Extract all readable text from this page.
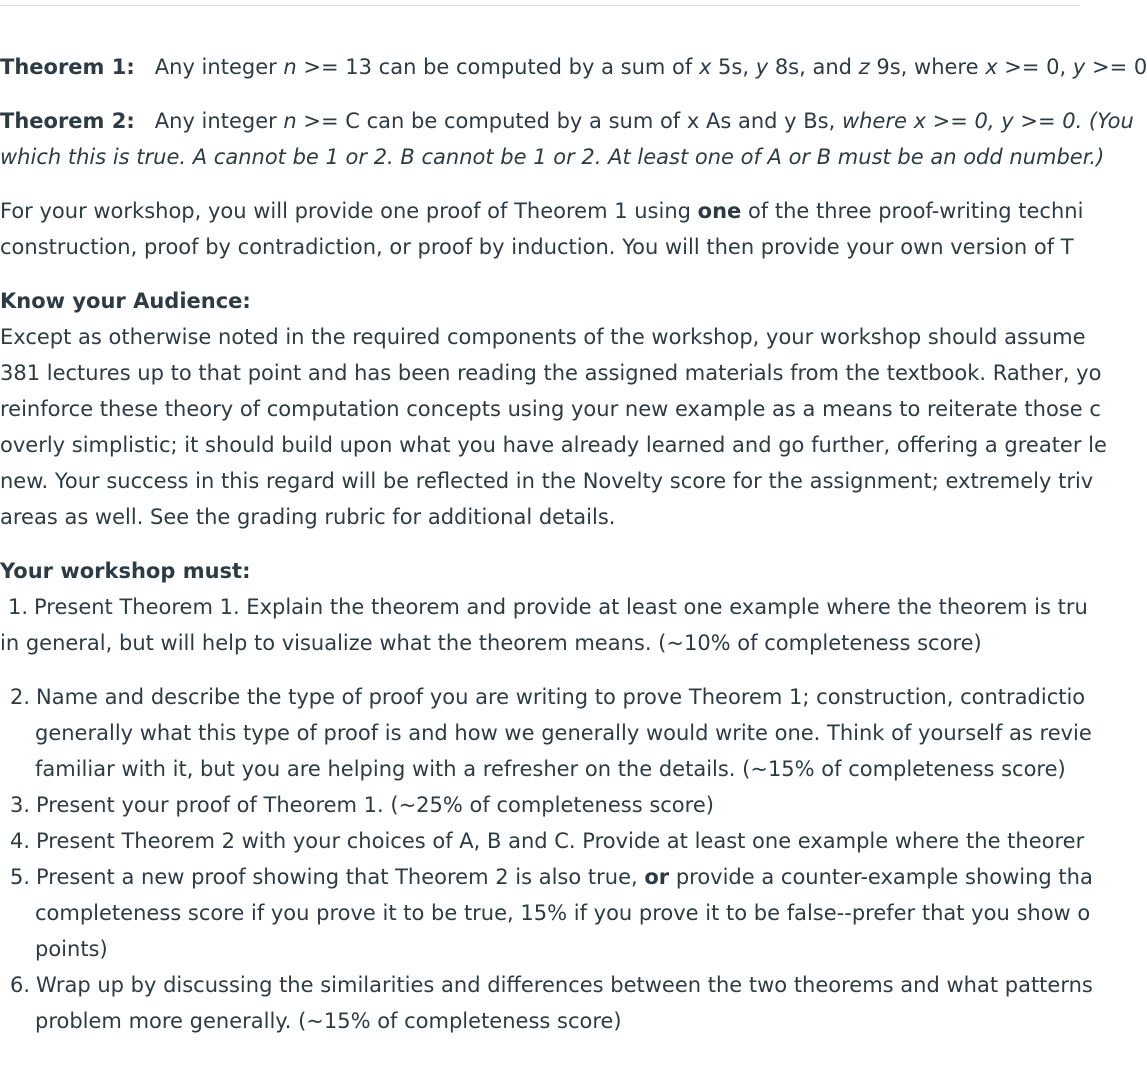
Theorem 1: Any integer n >= 13 can be computed by a sum of x 5s, y 8s, and z 9s, where x >= 0, y >= 0
Theorem 2: Any integer n >= C can be computed by a sum of x As and y Bs, where x >= 0, y >= 0. (You
which this is true. A cannot be 1 or 2. B cannot be 1 or 2. At least one of A or B must be an odd number.)
For your workshop, you will provide one proof of Theorem 1 using one of the three proof-writing techni
construction, proof by contradiction, or proof by induction. You will then provide your own version of T
Know your Audience:
Except as otherwise noted in the required components of the workshop, your workshop should assume
381 lectures up to that point and has been reading the assigned materials from the textbook. Rather, yo
reinforce these theory of computation concepts using your new example as a means to reiterate those c
overly simplistic; it should build upon what you have already learned and go further, offering a greater le
new. Your success in this regard will be reflected in the Novelty score for the assignment; extremely triv
areas as well. See the grading rubric for additional details.
Your workshop must:
1. Present Theorem 1. Explain the theorem and provide at least one example where the theorem is tru
in general, but will help to visualize what the theorem means. (~10% of completeness score)
2. Name and describe the type of proof you are writing to prove Theorem 1; construction, contradictio
generally what this type of proof is and how we generally would write one. Think of yourself as revie
familiar with it, but you are helping with a refresher on the details. (~15% of completeness score)
3. Present your proof of Theorem 1. (~25% of completeness score)
4. Present Theorem 2 with your choices of A, B and C. Provide at least one example where the theorer
5. Present a new proof showing that Theorem 2 is also true, or provide a counter-example showing tha
completeness score if you prove it to be true, 15% if you prove it to be false--prefer that you show o
points)
6. Wrap up by discussing the similarities and differences between the two theorems and what patterns
problem more generally. (~15% of completeness score)
